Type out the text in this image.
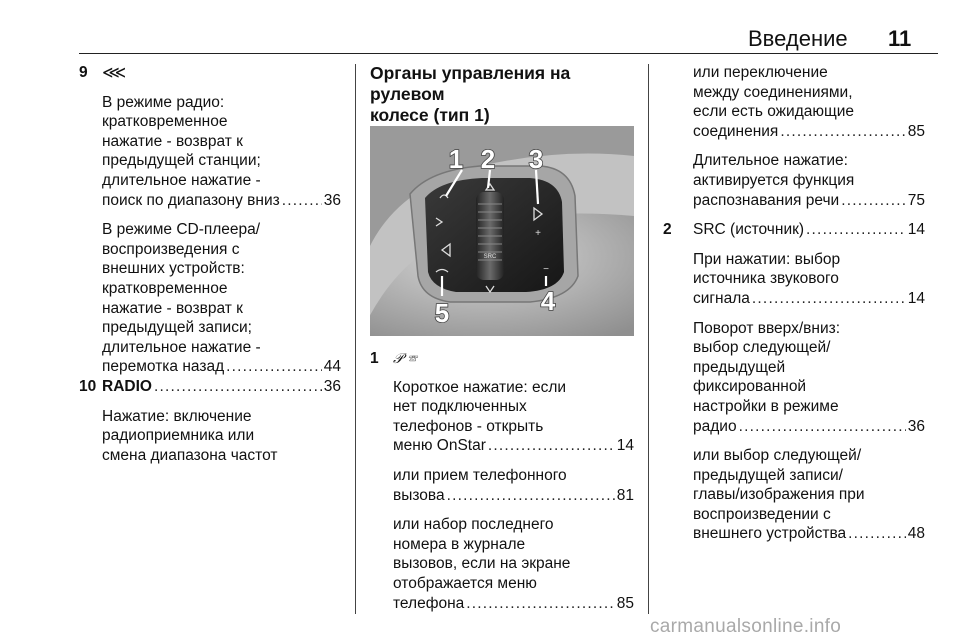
Введение 11
9 ⋘
В режиме радио:
кратковременное
нажатие - возврат к
предыдущей станции;
длительное нажатие -
поиск по диапазону вниз .....	36
В режиме CD-плеера/
воспроизведения с
внешних устройств:
кратковременное
нажатие - возврат к
предыдущей записи;
длительное нажатие -
перемотка назад .....	44
10 RADIO .....	36
Нажатие: включение
радиоприемника или
смена диапазона частот
Органы управления на рулевом
колесе (тип 1)
SRC
+
−
1 2 3
4
5
1 𝒫 ☏
Короткое нажатие: если
нет подключенных
телефонов - открыть
меню OnStar .....	14
или прием телефонного
вызова .....	81
или набор последнего
номера в журнале
вызовов, если на экране
отображается меню
телефона .....	85
или переключение
между соединениями,
если есть ожидающие
соединения .....	85
Длительное нажатие:
активируется функция
распознавания речи .....	75
2 SRC (источник) .....	14
При нажатии: выбор
источника звукового
сигнала .....	14
Поворот вверх/вниз:
выбор следующей/
предыдущей
фиксированной
настройки в режиме
радио .....	36
или выбор следующей/
предыдущей записи/
главы/изображения при
воспроизведении с
внешнего устройства .....	48
carmanualsonline.info
